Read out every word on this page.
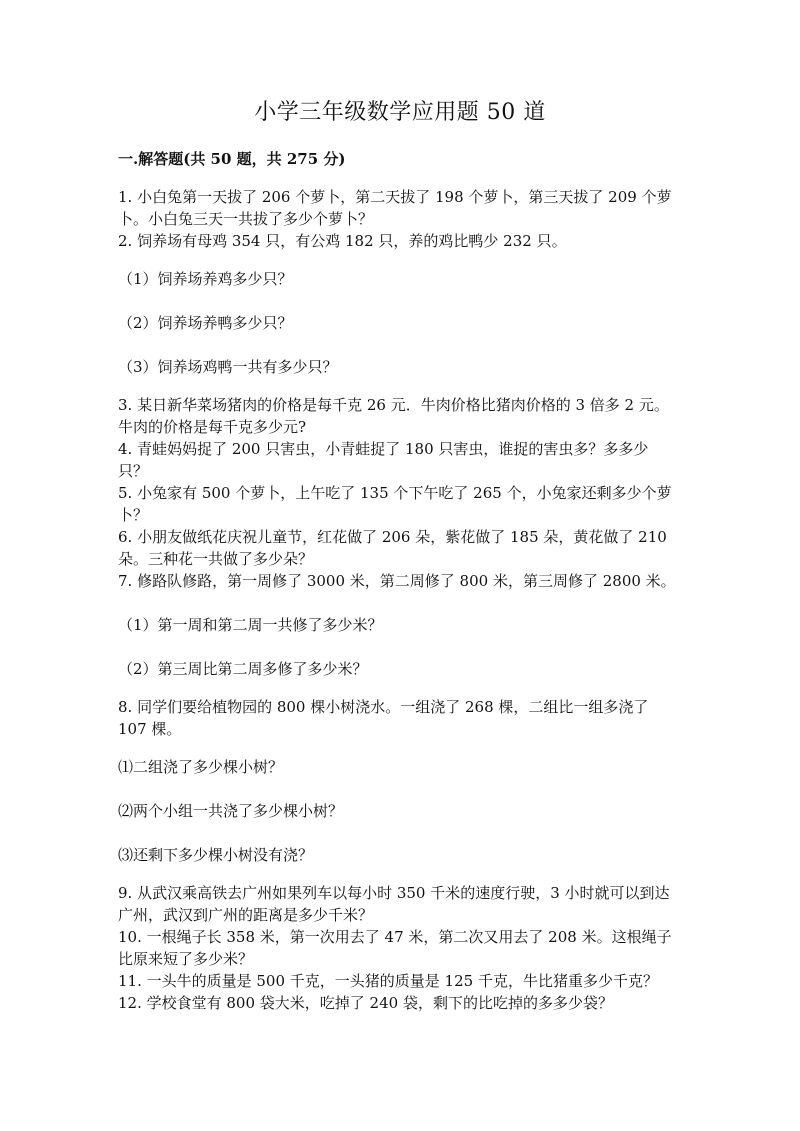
小学三年级数学应用题 50 道
一.解答题(共 50 题，共 275 分)

1. 小白兔第一天拔了 206 个萝卜，第二天拔了 198 个萝卜，第三天拔了 209 个萝卜。小白兔三天一共拔了多少个萝卜？

2. 饲养场有母鸡 354 只，有公鸡 182 只，养的鸡比鸭少 232 只。

（1）饲养场养鸡多少只？

（2）饲养场养鸭多少只？

（3）饲养场鸡鸭一共有多少只？

3. 某日新华菜场猪肉的价格是每千克 26 元．牛肉价格比猪肉价格的 3 倍多 2 元。牛肉的价格是每千克多少元?

4. 青蛙妈妈捉了 200 只害虫，小青蛙捉了 180 只害虫，谁捉的害虫多？多多少只？

5. 小兔家有 500 个萝卜，上午吃了 135 个下午吃了 265 个，小兔家还剩多少个萝卜？

6. 小朋友做纸花庆祝儿童节，红花做了 206 朵，紫花做了 185 朵，黄花做了 210 朵。三种花一共做了多少朵？

7. 修路队修路，第一周修了 3000 米，第二周修了 800 米，第三周修了 2800 米。

（1）第一周和第二周一共修了多少米？

（2）第三周比第二周多修了多少米？

8. 同学们要给植物园的 800 棵小树浇水。一组浇了 268 棵，二组比一组多浇了 107 棵。

⑴二组浇了多少棵小树？

⑵两个小组一共浇了多少棵小树？

⑶还剩下多少棵小树没有浇？

9. 从武汉乘高铁去广州如果列车以每小时 350 千米的速度行驶，3 小时就可以到达广州，武汉到广州的距离是多少千米？

10. 一根绳子长 358 米，第一次用去了 47 米，第二次又用去了 208 米。这根绳子比原来短了多少米？

11. 一头牛的质量是 500 千克，一头猪的质量是 125 千克，牛比猪重多少千克？

12. 学校食堂有 800 袋大米，吃掉了 240 袋，剩下的比吃掉的多多少袋？
